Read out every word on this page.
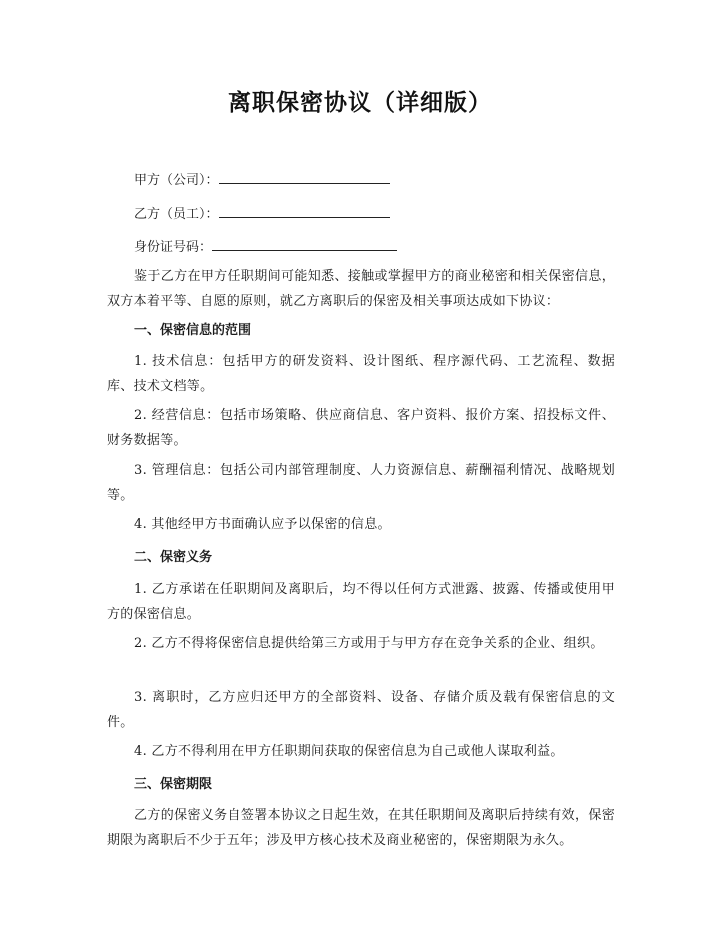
离职保密协议（详细版）
甲方（公司）：
乙方（员工）：
身份证号码：
鉴于乙方在甲方任职期间可能知悉、接触或掌握甲方的商业秘密和相关保密信息，双方本着平等、自愿的原则，就乙方离职后的保密及相关事项达成如下协议：
一、保密信息的范围
1. 技术信息：包括甲方的研发资料、设计图纸、程序源代码、工艺流程、数据库、技术文档等。
2. 经营信息：包括市场策略、供应商信息、客户资料、报价方案、招投标文件、财务数据等。
3. 管理信息：包括公司内部管理制度、人力资源信息、薪酬福利情况、战略规划等。
4. 其他经甲方书面确认应予以保密的信息。
二、保密义务
1. 乙方承诺在任职期间及离职后，均不得以任何方式泄露、披露、传播或使用甲方的保密信息。
2. 乙方不得将保密信息提供给第三方或用于与甲方存在竞争关系的企业、组织。
3. 离职时，乙方应归还甲方的全部资料、设备、存储介质及载有保密信息的文件。
4. 乙方不得利用在甲方任职期间获取的保密信息为自己或他人谋取利益。
三、保密期限
乙方的保密义务自签署本协议之日起生效，在其任职期间及离职后持续有效，保密期限为离职后不少于五年；涉及甲方核心技术及商业秘密的，保密期限为永久。
